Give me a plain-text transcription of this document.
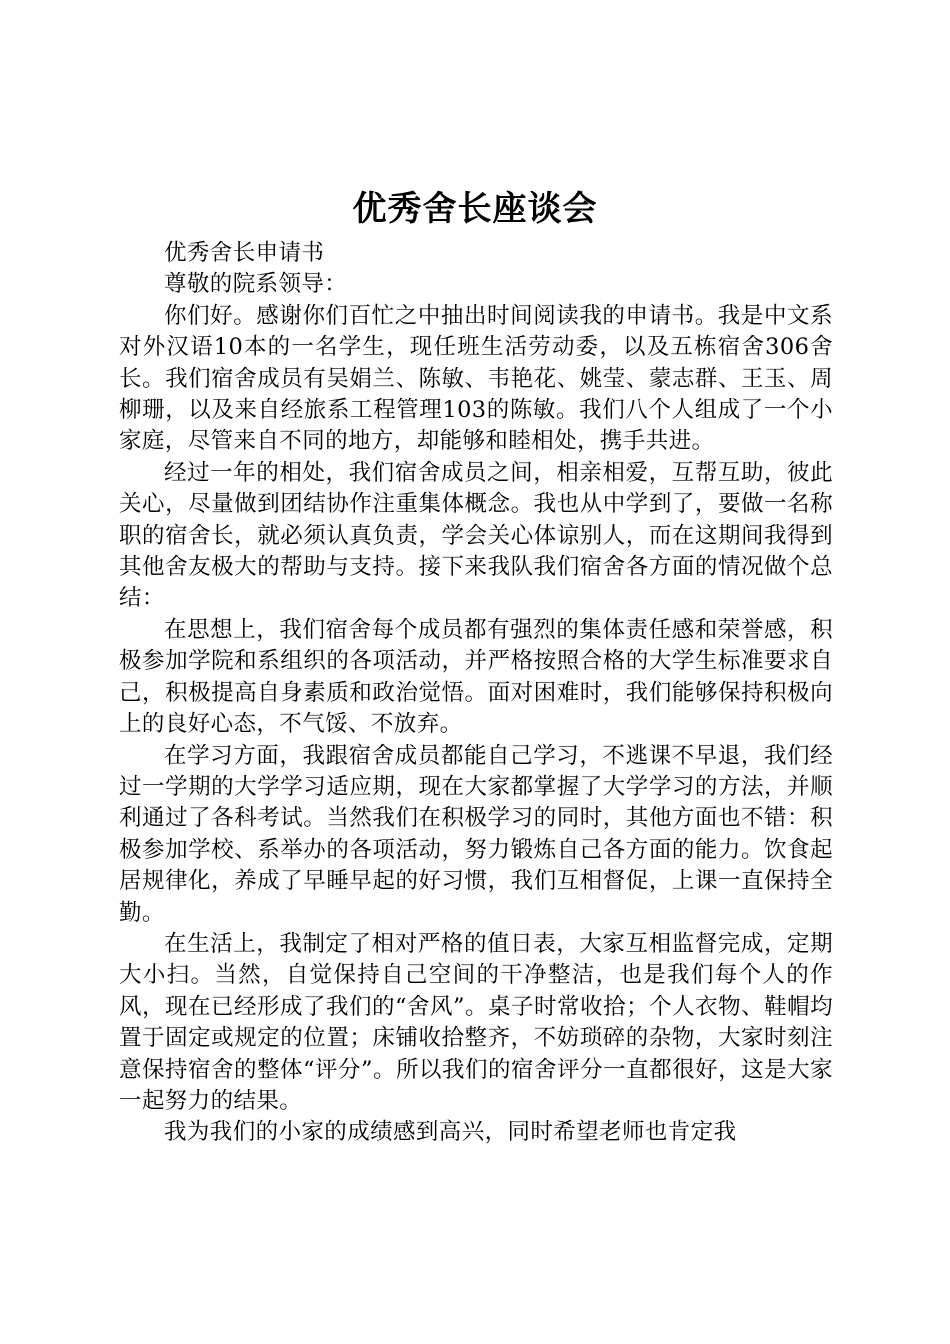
优秀舍长座谈会

优秀舍长申请书

尊敬的院系领导：

你们好。感谢你们百忙之中抽出时间阅读我的申请书。我是中文系对外汉语10本的一名学生，现任班生活劳动委，以及五栋宿舍306舍长。我们宿舍成员有吴娟兰、陈敏、韦艳花、姚莹、蒙志群、王玉、周柳珊，以及来自经旅系工程管理103的陈敏。我们八个人组成了一个小家庭，尽管来自不同的地方，却能够和睦相处，携手共进。

经过一年的相处，我们宿舍成员之间，相亲相爱，互帮互助，彼此关心，尽量做到团结协作注重集体概念。我也从中学到了，要做一名称职的宿舍长，就必须认真负责，学会关心体谅别人，而在这期间我得到其他舍友极大的帮助与支持。接下来我队我们宿舍各方面的情况做个总结：

在思想上，我们宿舍每个成员都有强烈的集体责任感和荣誉感，积极参加学院和系组织的各项活动，并严格按照合格的大学生标准要求自己，积极提高自身素质和政治觉悟。面对困难时，我们能够保持积极向上的良好心态，不气馁、不放弃。

在学习方面，我跟宿舍成员都能自己学习，不逃课不早退，我们经过一学期的大学学习适应期，现在大家都掌握了大学学习的方法，并顺利通过了各科考试。当然我们在积极学习的同时，其他方面也不错：积极参加学校、系举办的各项活动，努力锻炼自己各方面的能力。饮食起居规律化，养成了早睡早起的好习惯，我们互相督促，上课一直保持全勤。

在生活上，我制定了相对严格的值日表，大家互相监督完成，定期大小扫。当然，自觉保持自己空间的干净整洁，也是我们每个人的作风，现在已经形成了我们的“舍风”。桌子时常收拾；个人衣物、鞋帽均置于固定或规定的位置；床铺收拾整齐，不妨琐碎的杂物，大家时刻注意保持宿舍的整体“评分”。所以我们的宿舍评分一直都很好，这是大家一起努力的结果。

我为我们的小家的成绩感到高兴，同时希望老师也肯定我
